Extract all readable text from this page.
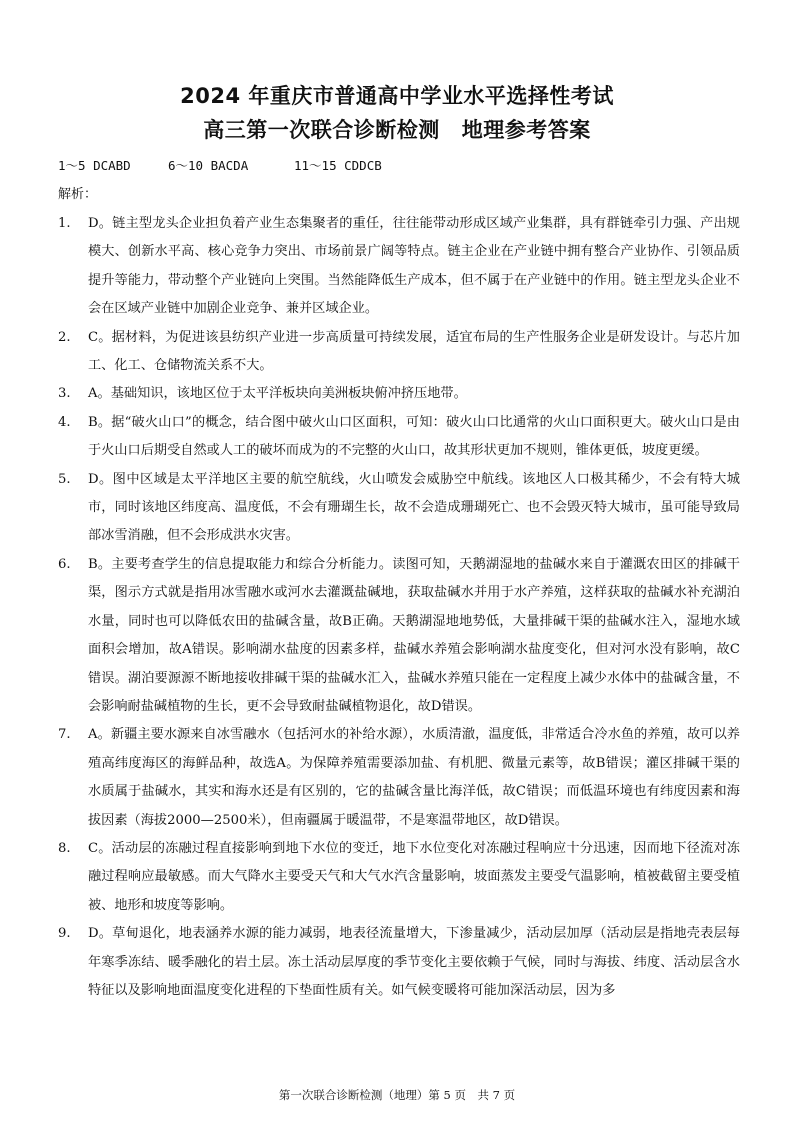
2024 年重庆市普通高中学业水平选择性考试
高三第一次联合诊断检测 地理参考答案
1～5 DCABD	6～10 BACDA	11～15 CDDCB
解析：
1.	D。链主型龙头企业担负着产业生态集聚者的重任，往往能带动形成区域产业集群，具有群链牵引力强、产出规模大、创新水平高、核心竞争力突出、市场前景广阔等特点。链主企业在产业链中拥有整合产业协作、引领品质提升等能力，带动整个产业链向上突围。当然能降低生产成本，但不属于在产业链中的作用。链主型龙头企业不会在区域产业链中加剧企业竞争、兼并区域企业。
2.	C。据材料，为促进该县纺织产业进一步高质量可持续发展，适宜布局的生产性服务企业是研发设计。与芯片加工、化工、仓储物流关系不大。
3.	A。基础知识，该地区位于太平洋板块向美洲板块俯冲挤压地带。
4.	B。据“破火山口”的概念，结合图中破火山口区面积，可知：破火山口比通常的火山口面积更大。破火山口是由于火山口后期受自然或人工的破坏而成为的不完整的火山口，故其形状更加不规则，锥体更低，坡度更缓。
5.	D。图中区域是太平洋地区主要的航空航线，火山喷发会威胁空中航线。该地区人口极其稀少，不会有特大城市，同时该地区纬度高、温度低，不会有珊瑚生长，故不会造成珊瑚死亡、也不会毁灭特大城市，虽可能导致局部冰雪消融，但不会形成洪水灾害。
6.	B。主要考查学生的信息提取能力和综合分析能力。读图可知，天鹅湖湿地的盐碱水来自于灌溉农田区的排碱干渠，图示方式就是指用冰雪融水或河水去灌溉盐碱地，获取盐碱水并用于水产养殖，这样获取的盐碱水补充湖泊水量，同时也可以降低农田的盐碱含量，故B正确。天鹅湖湿地地势低，大量排碱干渠的盐碱水注入，湿地水域面积会增加，故A错误。影响湖水盐度的因素多样，盐碱水养殖会影响湖水盐度变化，但对河水没有影响，故C错误。湖泊要源源不断地接收排碱干渠的盐碱水汇入，盐碱水养殖只能在一定程度上减少水体中的盐碱含量，不会影响耐盐碱植物的生长，更不会导致耐盐碱植物退化，故D错误。
7.	A。新疆主要水源来自冰雪融水（包括河水的补给水源），水质清澈，温度低，非常适合冷水鱼的养殖，故可以养殖高纬度海区的海鲜品种，故选A。为保障养殖需要添加盐、有机肥、微量元素等，故B错误；灌区排碱干渠的水质属于盐碱水，其实和海水还是有区别的，它的盐碱含量比海洋低，故C错误；而低温环境也有纬度因素和海拔因素（海拔2000—2500米），但南疆属于暖温带，不是寒温带地区，故D错误。
8.	C。活动层的冻融过程直接影响到地下水位的变迁，地下水位变化对冻融过程响应十分迅速，因而地下径流对冻融过程响应最敏感。而大气降水主要受天气和大气水汽含量影响，坡面蒸发主要受气温影响，植被截留主要受植被、地形和坡度等影响。
9.	D。草甸退化，地表涵养水源的能力减弱，地表径流量增大，下渗量减少，活动层加厚（活动层是指地壳表层每年寒季冻结、暖季融化的岩土层。冻土活动层厚度的季节变化主要依赖于气候，同时与海拔、纬度、活动层含水特征以及影响地面温度变化进程的下垫面性质有关。如气候变暖将可能加深活动层，因为多
第一次联合诊断检测（地理）第 5 页　共 7 页
